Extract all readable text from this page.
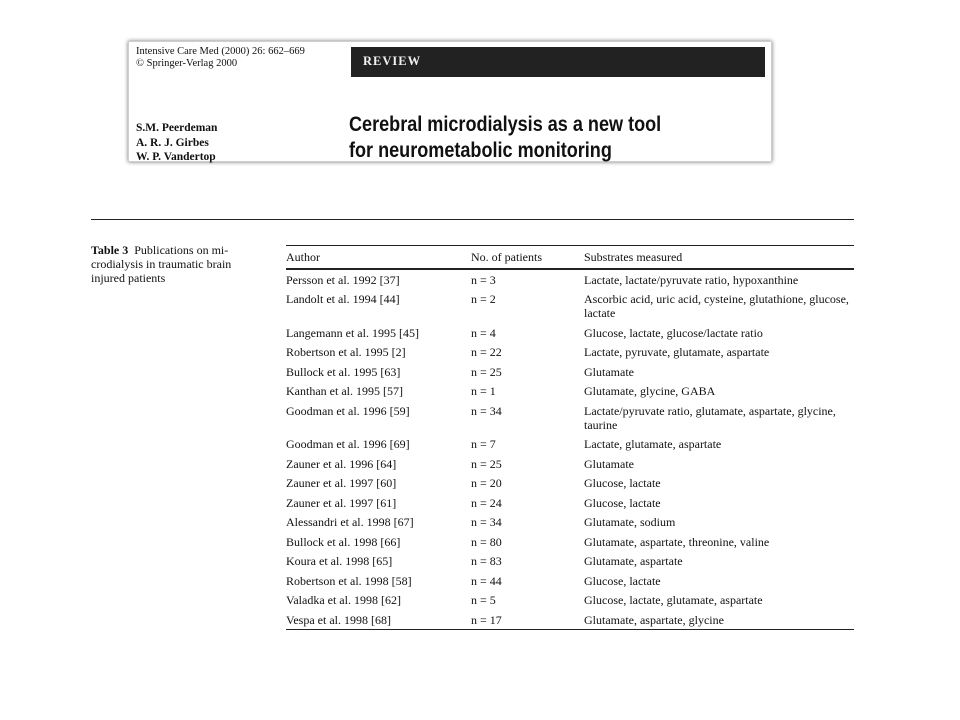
Intensive Care Med (2000) 26: 662–669
© Springer-Verlag 2000	REVIEW
S.M. Peerdeman
A. R. J. Girbes
W. P. Vandertop
Cerebral microdialysis as a new tool
for neurometabolic monitoring
Table 3 Publications on mi-crodialysis in traumatic brain injured patients
Author	No. of patients	Substrates measured
Persson et al. 1992 [37]	n = 3	Lactate, lactate/pyruvate ratio, hypoxanthine
Landolt et al. 1994 [44]	n = 2	Ascorbic acid, uric acid, cysteine, glutathione, glucose, lactate
Langemann et al. 1995 [45]	n = 4	Glucose, lactate, glucose/lactate ratio
Robertson et al. 1995 [2]	n = 22	Lactate, pyruvate, glutamate, aspartate
Bullock et al. 1995 [63]	n = 25	Glutamate
Kanthan et al. 1995 [57]	n = 1	Glutamate, glycine, GABA
Goodman et al. 1996 [59]	n = 34	Lactate/pyruvate ratio, glutamate, aspartate, glycine, taurine
Goodman et al. 1996 [69]	n = 7	Lactate, glutamate, aspartate
Zauner et al. 1996 [64]	n = 25	Glutamate
Zauner et al. 1997 [60]	n = 20	Glucose, lactate
Zauner et al. 1997 [61]	n = 24	Glucose, lactate
Alessandri et al. 1998 [67]	n = 34	Glutamate, sodium
Bullock et al. 1998 [66]	n = 80	Glutamate, aspartate, threonine, valine
Koura et al. 1998 [65]	n = 83	Glutamate, aspartate
Robertson et al. 1998 [58]	n = 44	Glucose, lactate
Valadka et al. 1998 [62]	n = 5	Glucose, lactate, glutamate, aspartate
Vespa et al. 1998 [68]	n = 17	Glutamate, aspartate, glycine
